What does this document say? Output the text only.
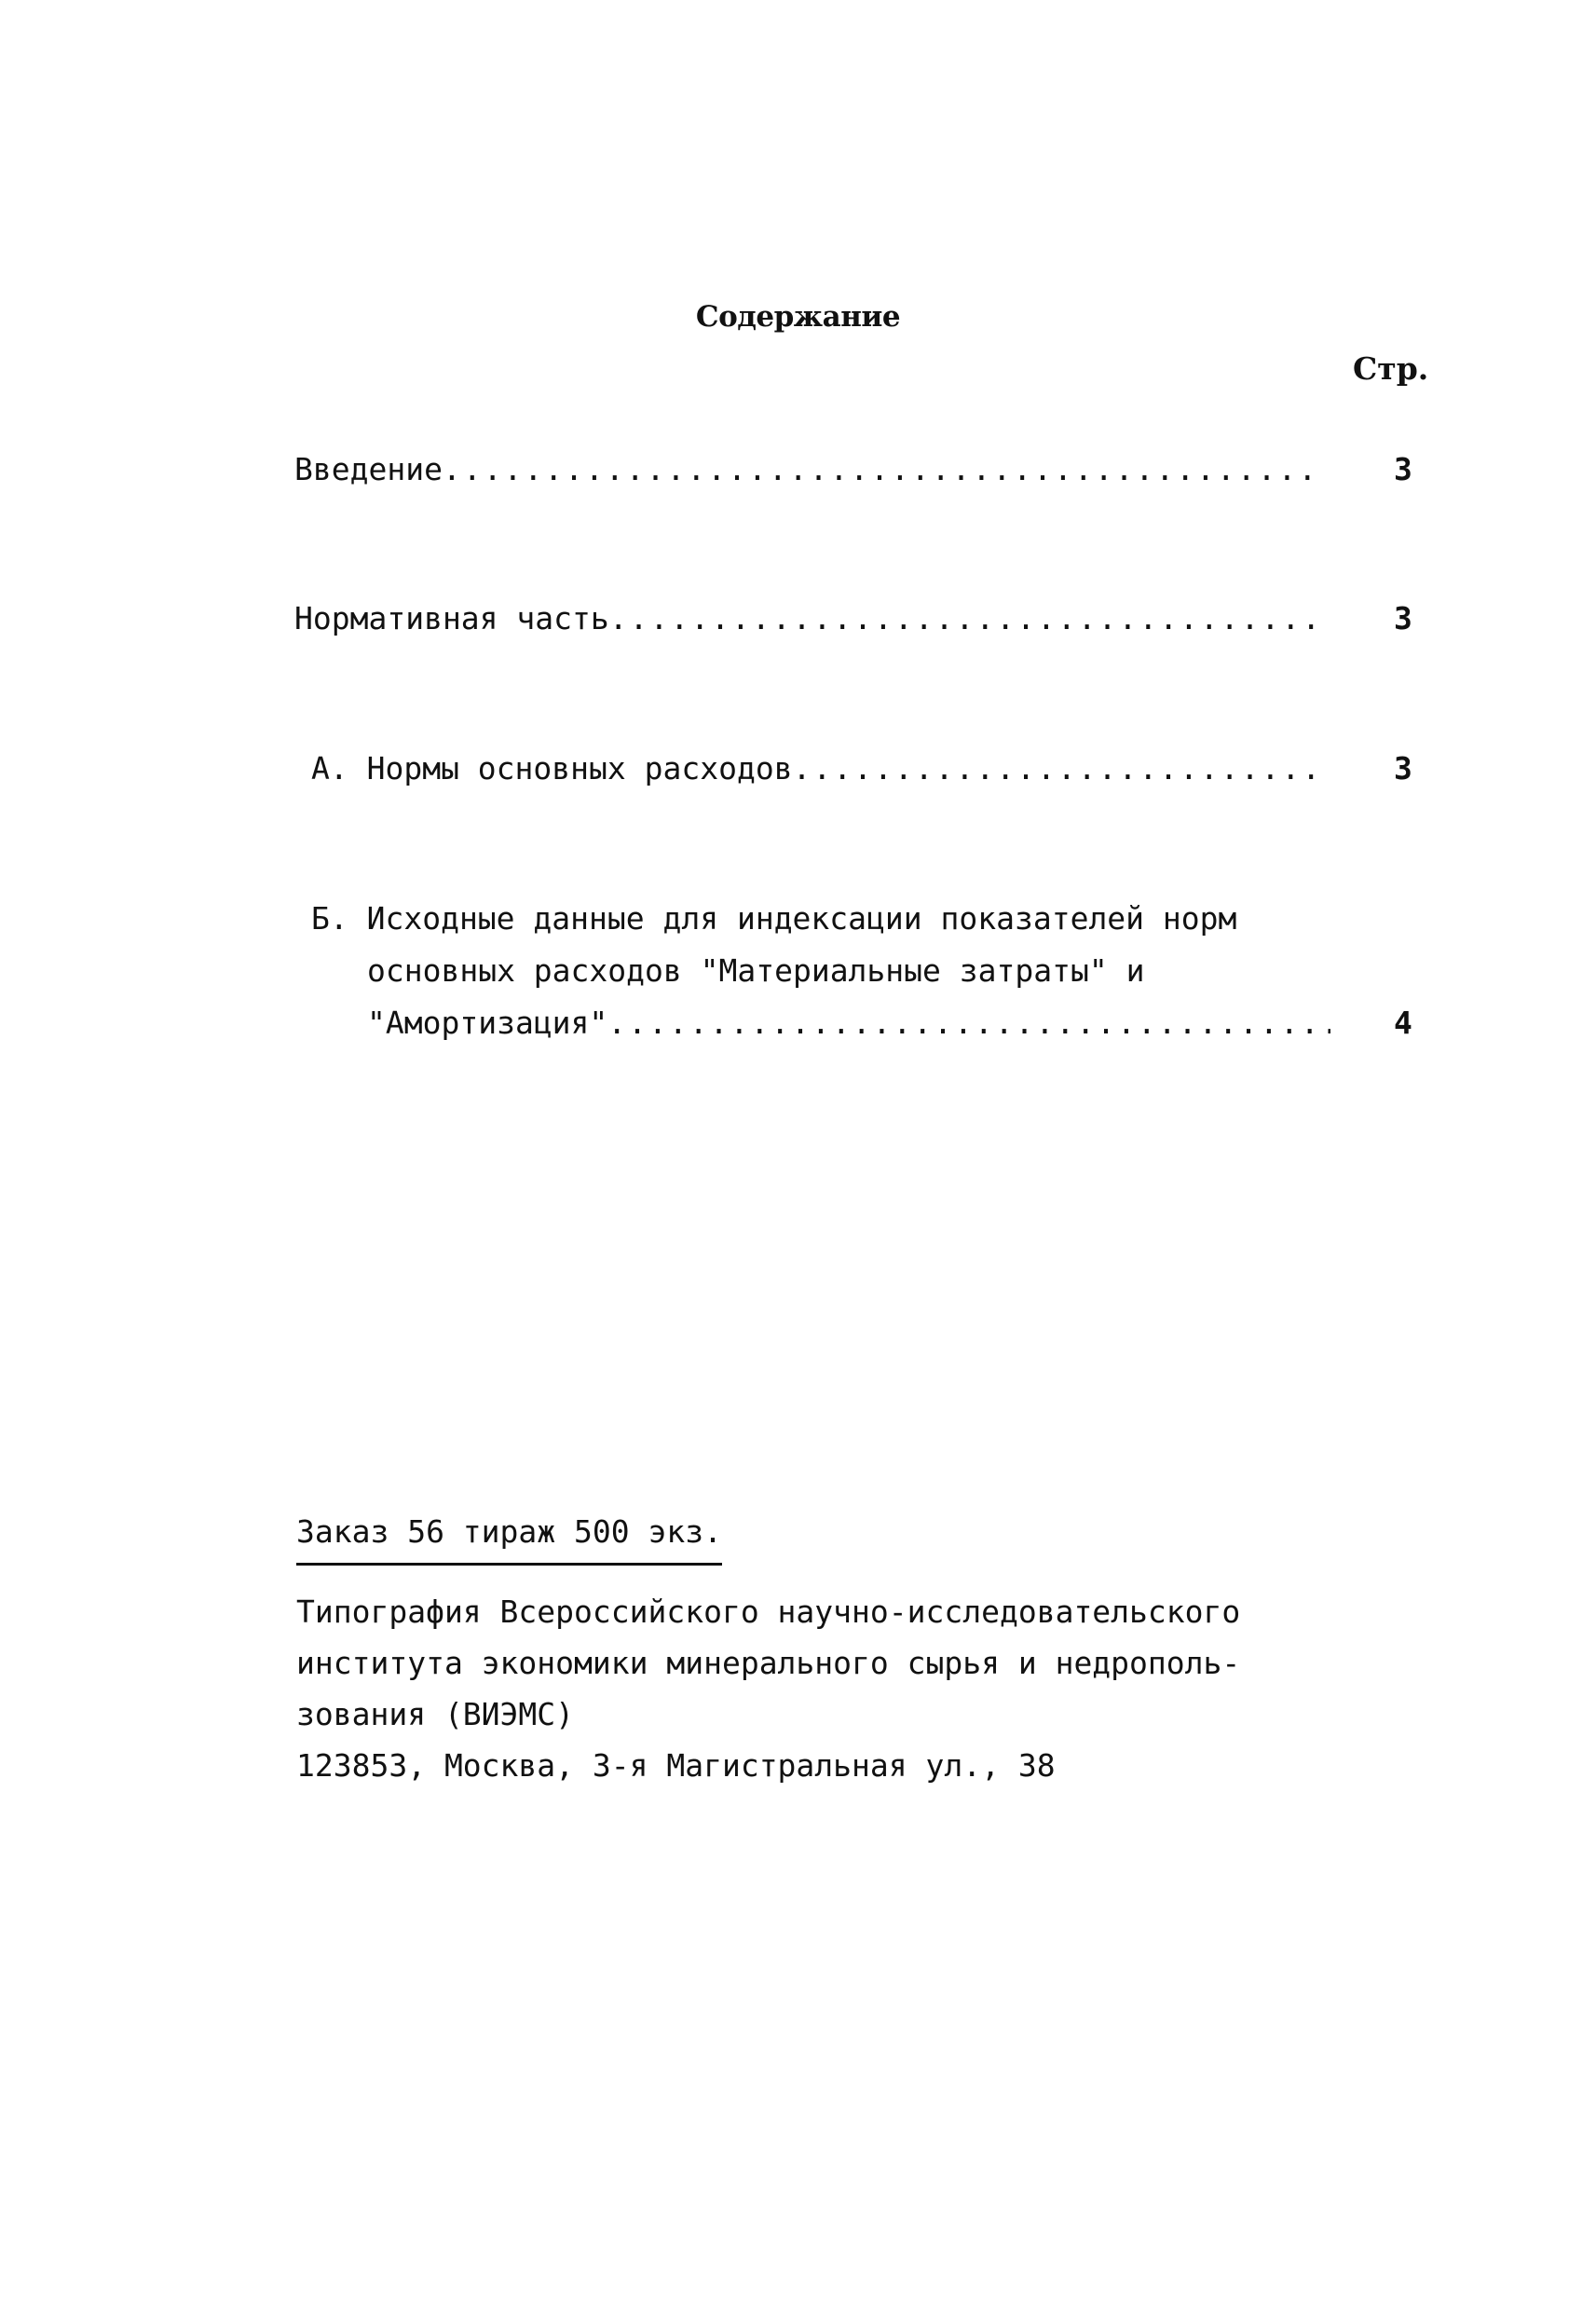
Содержание
Стр.
Введение .....	3
Нормативная часть .....	3
А. Нормы основных расходов .....	3
Б. Исходные данные для индексации показателей норм
основных расходов "Материальные затраты" и
"Амортизация" .....	4
Заказ 56 тираж 500 экз.
Типография Всероссийского научно-исследовательского
института экономики минерального сырья и недрополь-
зования (ВИЭМС)
123853, Москва, 3-я Магистральная ул., 38
